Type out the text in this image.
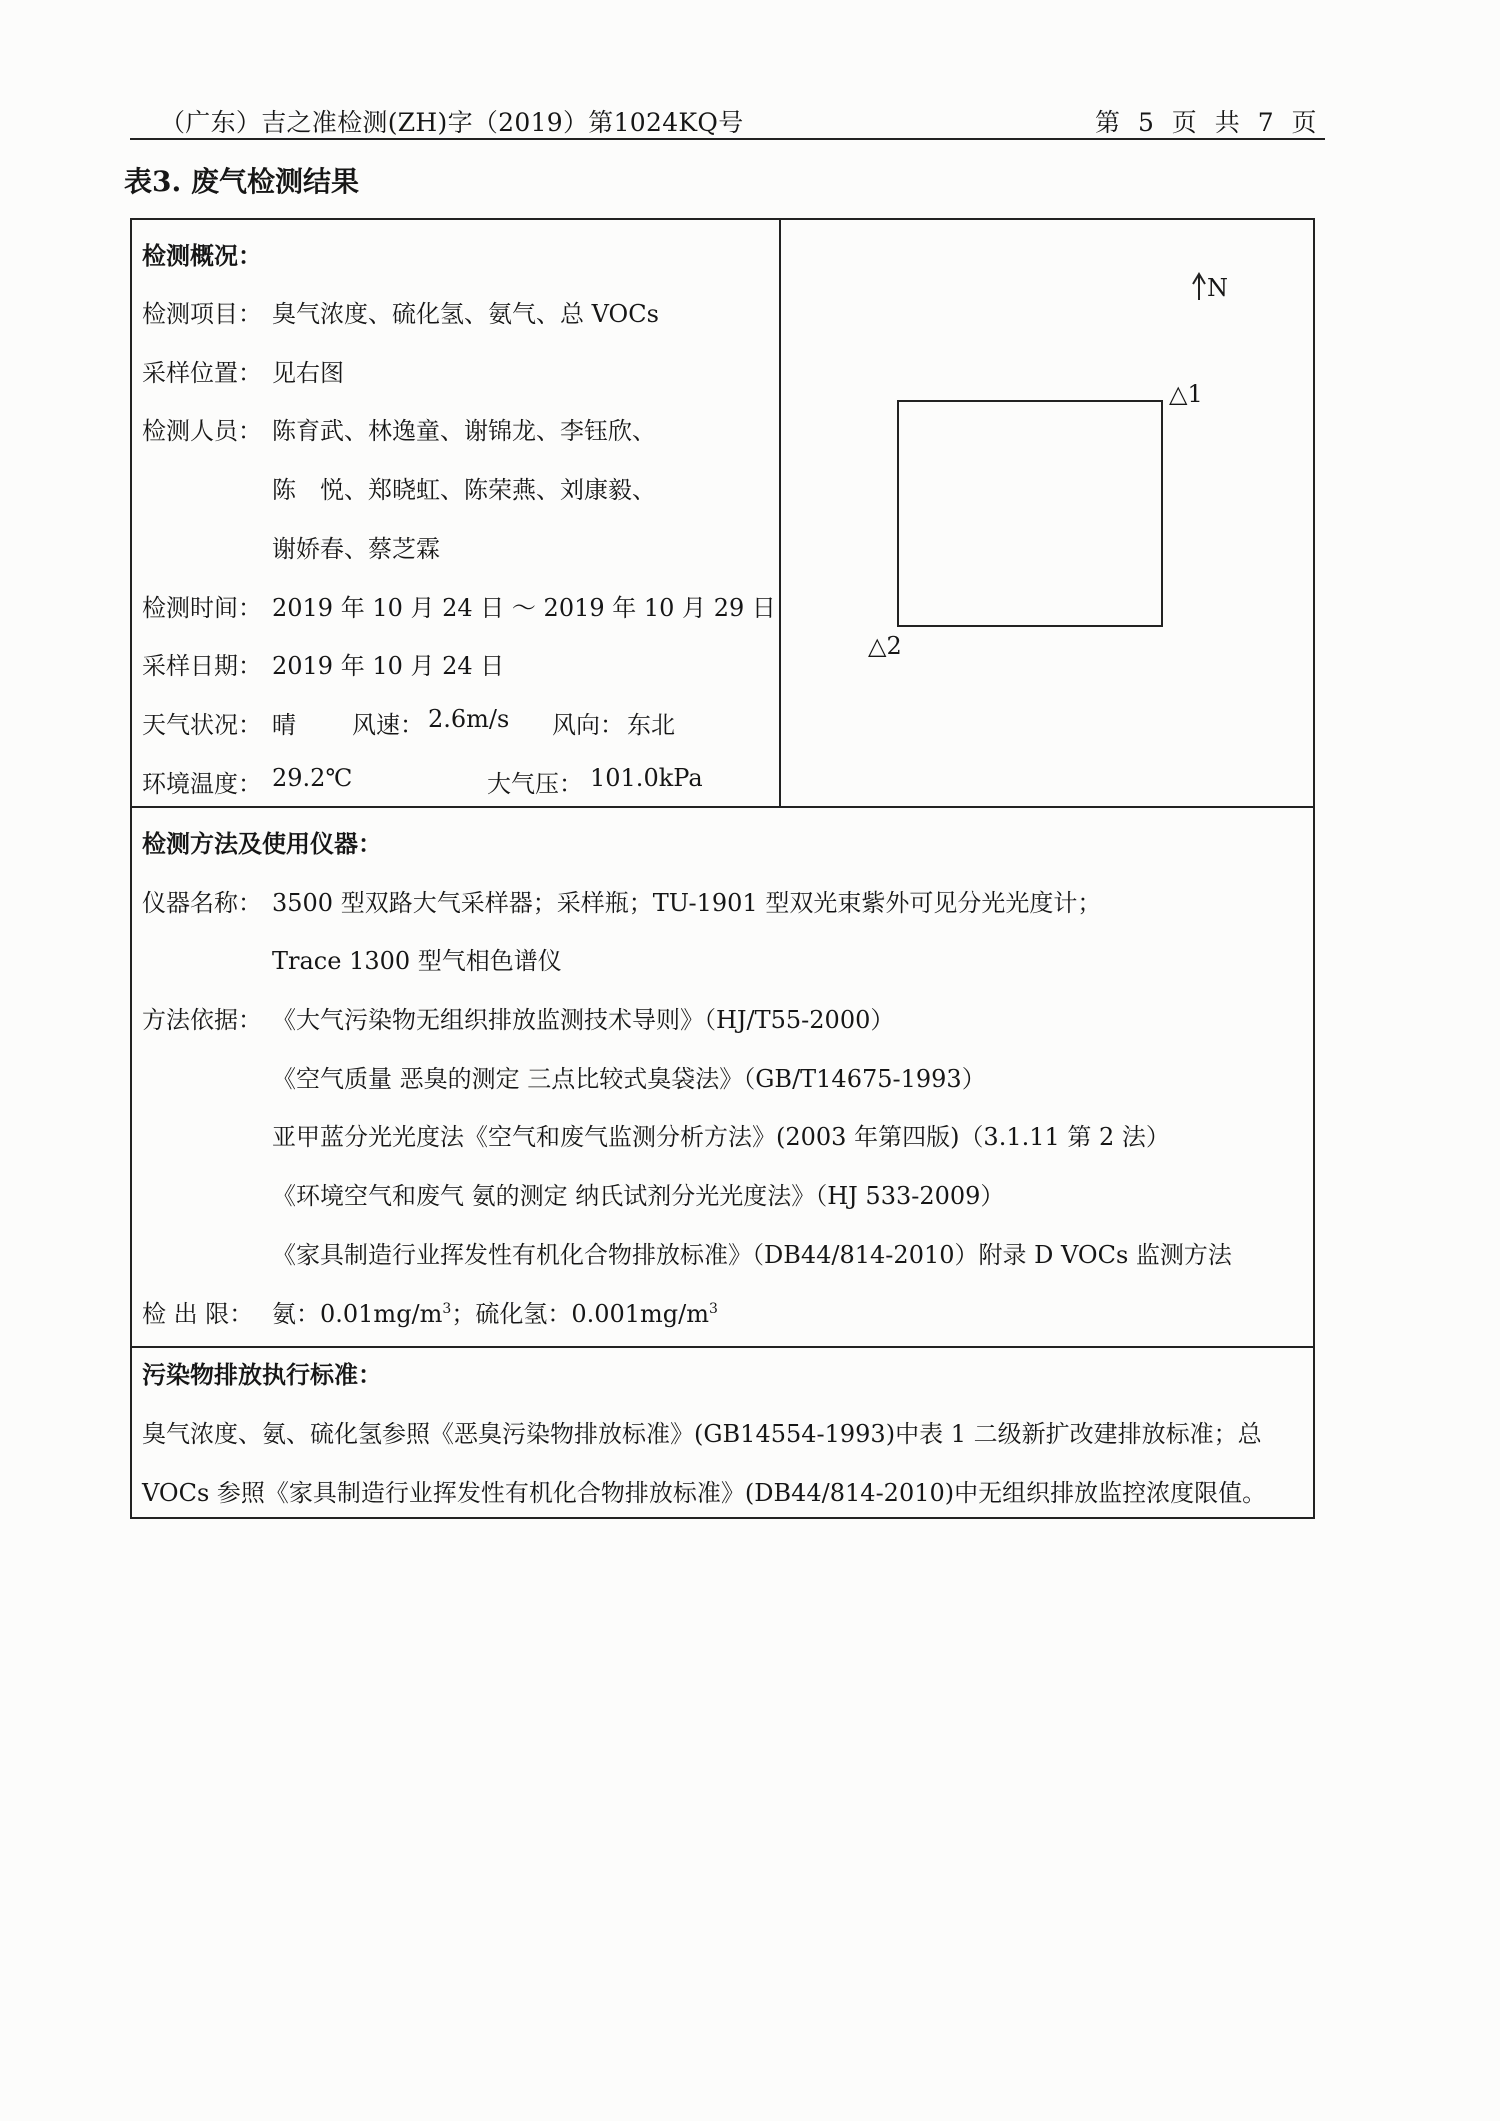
（广东）吉之准检测(ZH)字（2019）第1024KQ号	第 5 页 共 7 页
表3. 废气检测结果
检测概况：
检测项目： 臭气浓度、硫化氢、氨气、总 VOCs
采样位置： 见右图
检测人员： 陈育武、林逸童、谢锦龙、李钰欣、
陈　悦、郑晓虹、陈荣燕、刘康毅、
谢娇春、蔡芝霖
检测时间： 2019 年 10 月 24 日 ～ 2019 年 10 月 29 日
采样日期： 2019 年 10 月 24 日
天气状况： 晴 风速： 2.6m/s 风向： 东北
环境温度： 29.2℃	大气压： 101.0kPa
N
△1
△2
检测方法及使用仪器：
仪器名称： 3500 型双路大气采样器；采样瓶；TU-1901 型双光束紫外可见分光光度计；
Trace 1300 型气相色谱仪
方法依据： 《大气污染物无组织排放监测技术导则》（HJ/T55-2000）
《空气质量 恶臭的测定 三点比较式臭袋法》（GB/T14675-1993）
亚甲蓝分光光度法《空气和废气监测分析方法》(2003 年第四版)（3.1.11 第 2 法）
《环境空气和废气 氨的测定 纳氏试剂分光光度法》（HJ 533-2009）
《家具制造行业挥发性有机化合物排放标准》（DB44/814-2010）附录 D VOCs 监测方法
检 出 限： 氨：$0.01mg/m^3$；硫化氢：$0.001mg/m^3$
污染物排放执行标准：
臭气浓度、氨、硫化氢参照《恶臭污染物排放标准》(GB14554-1993)中表 1 二级新扩改建排放标准；总
VOCs 参照《家具制造行业挥发性有机化合物排放标准》(DB44/814-2010)中无组织排放监控浓度限值。
